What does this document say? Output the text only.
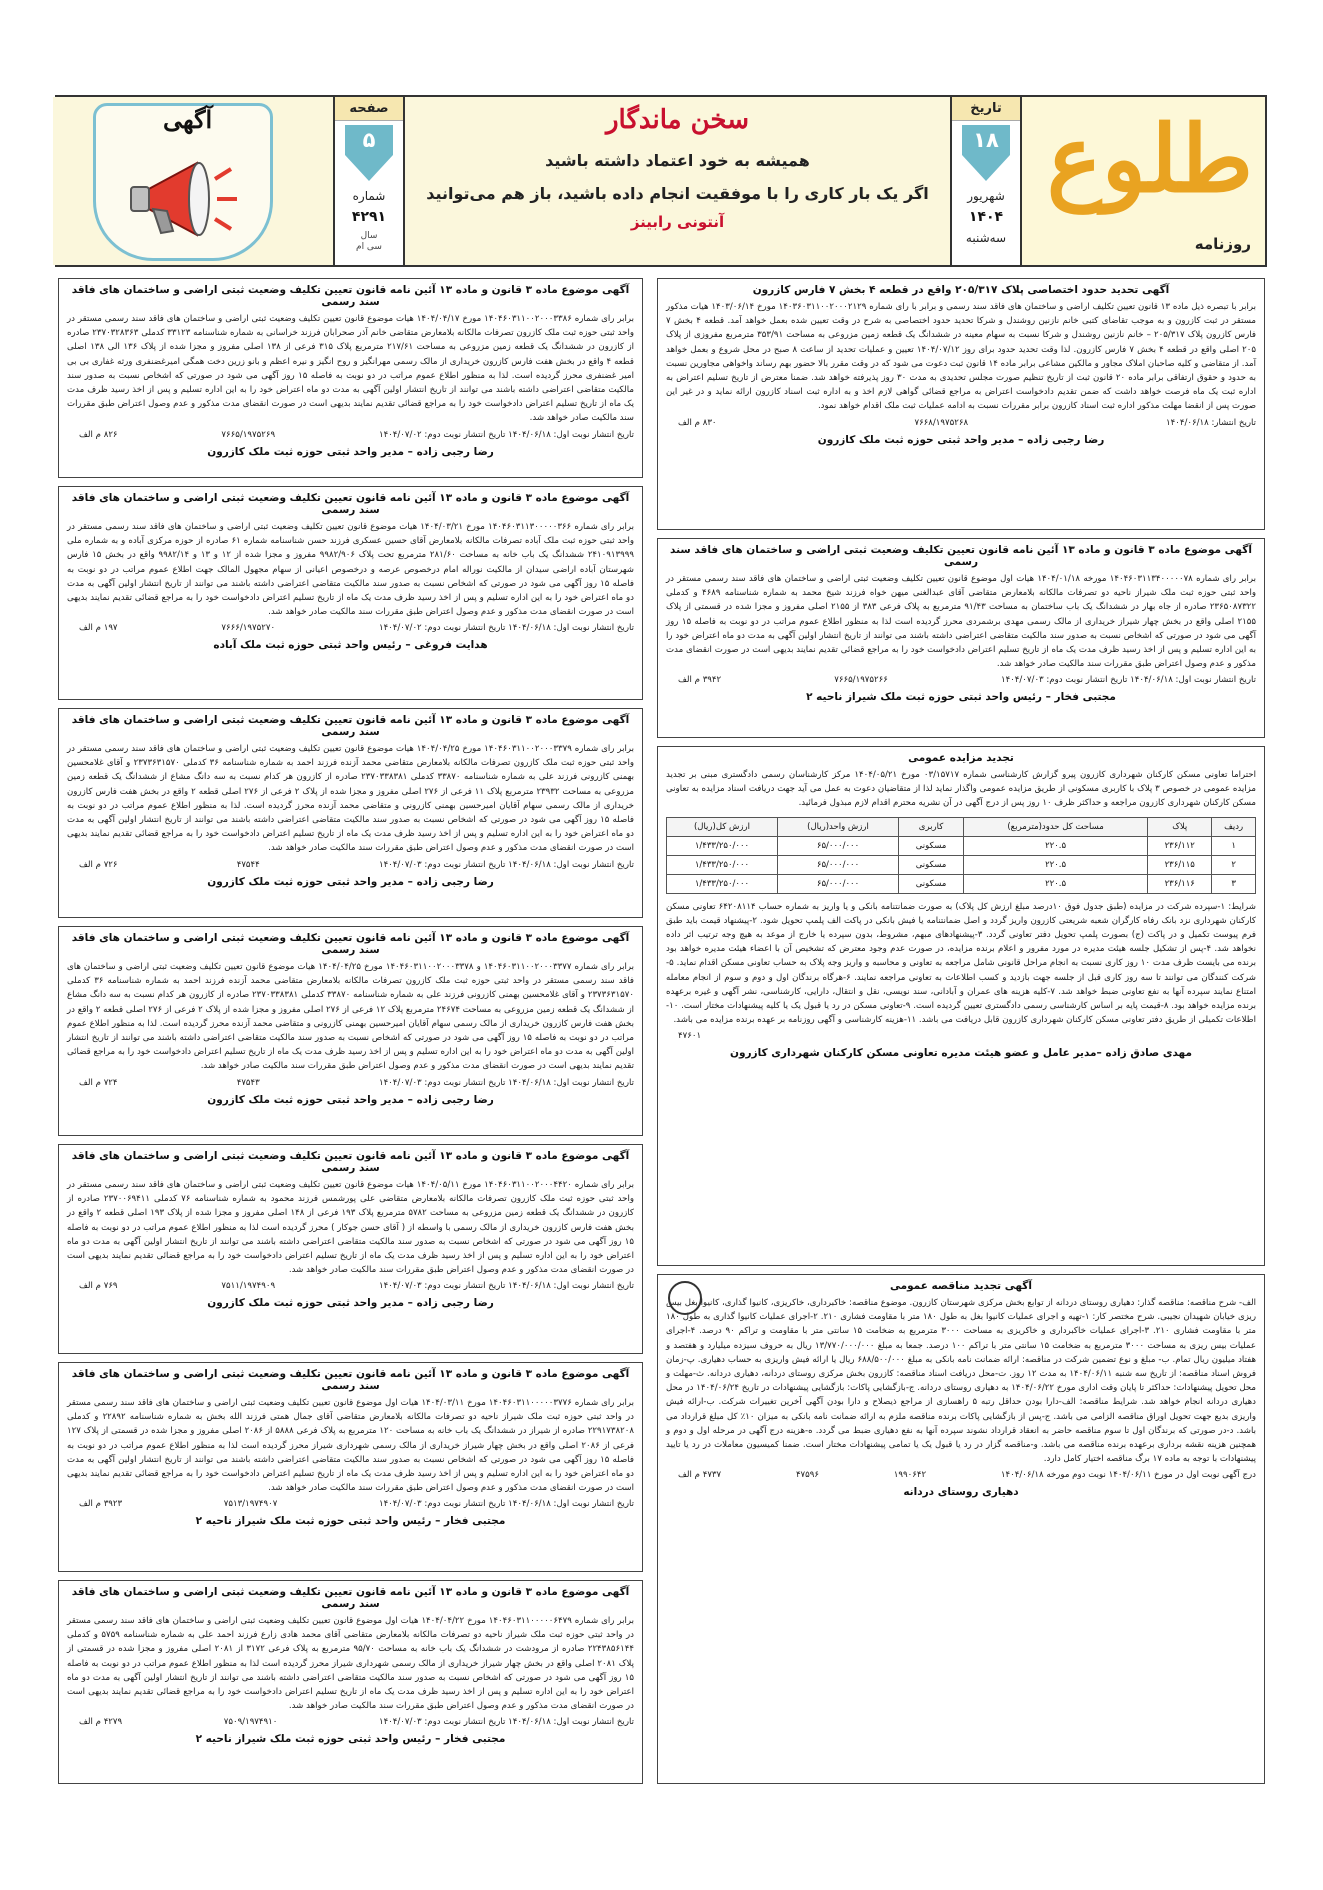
طلوع
روزنامه
تاریخ
۱۸
شهریور
۱۴۰۴
سه‌شنبه
سخن ماندگار
همیشه به خود اعتماد داشته باشید
اگر یک بار کاری را با موفقیت انجام داده باشید، باز هم می‌توانید
آنتونی رابینز
صفحه
۵
شماره
۴۲۹۱
سال
سی ام
آگهی
آگهی تحدید حدود اختصاصی پلاک ۲۰۵/۳۱۷ واقع در قطعه ۴ بخش ۷ فارس کازرون
برابر با تبصره ذیل ماده ۱۳ قانون تعیین تکلیف اراضی و ساختمان های فاقد سند رسمی و برابر با رای شماره ۱۴۰۳۶۰۳۱۱۰۰۲۰۰۰۲۱۲۹ مورخ ۱۴۰۳/۰۶/۱۴ هیات مذکور مستقر در ثبت کازرون و به موجب تقاضای کتبی خانم نازنین روشندل و شرکا تحدید حدود اختصاصی به شرح در وقت تعیین شده بعمل خواهد آمد. قطعه ۴ بخش ۷ فارس کازرون پلاک ۲۰۵/۳۱۷ – خانم نازنین روشندل و شرکا نسبت به سهام معینه در ششدانگ یک قطعه زمین مزروعی به مساحت ۳۵۳/۹۱ مترمربع مفروزی از پلاک ۲۰۵ اصلی واقع در قطعه ۴ بخش ۷ فارس کازرون. لذا وقت تحدید حدود برای روز ۱۴۰۴/۰۷/۱۲ تعیین و عملیات تحدید از ساعت ۸ صبح در محل شروع و بعمل خواهد آمد. از متقاضی و کلیه صاحبان املاک مجاور و مالکین مشاعی برابر ماده ۱۴ قانون ثبت دعوت می شود که در وقت مقرر بالا حضور بهم رساند واخواهی مجاورین نسبت به حدود و حقوق ارتفاقی برابر ماده ۲۰ قانون ثبت از تاریخ تنظیم صورت مجلس تحدیدی به مدت ۳۰ روز پذیرفته خواهد شد. ضمنا معترض از تاریخ تسلیم اعتراض به اداره ثبت یک ماه فرصت خواهد داشت که ضمن تقدیم دادخواست اعتراض به مراجع قضائی گواهی لازم اخذ و به اداره ثبت اسناد کازرون ارائه نماید و در غیر این صورت پس از انقضا مهلت مذکور اداره ثبت اسناد کازرون برابر مقررات نسبت به ادامه عملیات ثبت ملک اقدام خواهد نمود.
تاریخ انتشار: ۱۴۰۴/۰۶/۱۸
۷۶۶۸/۱۹۷۵۲۶۸
۸۳۰ م الف
رضا رجبی زاده – مدیر واحد ثبتی حوزه ثبت ملک کازرون
آگهی موضوع ماده ۳ قانون و ماده ۱۳ آئین نامه قانون تعیین تکلیف وضعیت ثبتی اراضی و ساختمان های فاقد سند رسمی
برابر رای شماره ۱۴۰۴۶۰۳۱۱۳۴۰۰۰۰۰۷۸ مورخه ۱۴۰۴/۰۱/۱۸ هیات اول موضوع قانون تعیین تکلیف وضعیت ثبتی اراضی و ساختمان های فاقد سند رسمی مستقر در واحد ثبتی حوزه ثبت ملک شیراز ناحیه دو تصرفات مالکانه بلامعارض متقاضی آقای عبدالغنی میهن خواه فرزند شیخ محمد به شماره شناسنامه ۴۶۸۹ و کدملی ۲۳۶۵۰۸۷۳۲۲ صادره از جاه بهار در ششدانگ یک باب ساختمان به مساحت ۹۱/۴۳ مترمربع به پلاک فرعی ۳۸۳ از ۲۱۵۵ اصلی مفروز و مجزا شده در قسمتی از پلاک ۲۱۵۵ اصلی واقع در بخش چهار شیراز خریداری از مالک رسمی مهدی برشمردی محرز گردیده است لذا به منظور اطلاع عموم مراتب در دو نوبت به فاصله ۱۵ روز آگهی می شود در صورتی که اشخاص نسبت به صدور سند مالکیت متقاضی اعتراضی داشته باشند می توانند از تاریخ انتشار اولین آگهی به مدت دو ماه اعتراض خود را به این اداره تسلیم و پس از اخذ رسید ظرف مدت یک ماه از تاریخ تسلیم اعتراض دادخواست خود را به مراجع قضائی تقدیم نمایند بدیهی است در صورت انقضای مدت مذکور و عدم وصول اعتراض طبق مقررات سند مالکیت صادر خواهد شد.
تاریخ انتشار نوبت اول: ۱۴۰۴/۰۶/۱۸ تاریخ انتشار نوبت دوم: ۱۴۰۴/۰۷/۰۳
۷۶۶۵/۱۹۷۵۲۶۶
۳۹۴۲ م الف
مجتبی فخار – رئیس واحد ثبتی حوزه ثبت ملک شیراز ناحیه ۲
تجدید مزایده عمومی
احتراما تعاونی مسکن کارکنان شهرداری کازرون پیرو گزارش کارشناسی شماره ۰۳/۱۵۷۱۷ مورخ ۱۴۰۴/۰۵/۲۱ مرکز کارشناسان رسمی دادگستری مبنی بر تجدید مزایده عمومی در خصوص ۳ پلاک با کاربری مسکونی از طریق مزایده عمومی واگذار نماید لذا از متقاضیان دعوت به عمل می آید جهت دریافت اسناد مزایده به تعاونی مسکن کارکنان شهرداری کازرون مراجعه و حداکثر ظرف ۱۰ روز پس از درج آگهی در آن نشریه محترم اقدام لازم مبذول فرمائید.
ردیف	پلاک	مساحت کل حدود(مترمربع)	کاربری	ارزش واحد(ریال)	ارزش کل(ریال)
۱	۲۳۶/۱۱۲	۲۲۰.۵	مسکونی	۶۵/۰۰۰/۰۰۰	۱/۴۳۳/۲۵۰/۰۰۰
۲	۲۳۶/۱۱۵	۲۲۰.۵	مسکونی	۶۵/۰۰۰/۰۰۰	۱/۴۳۳/۲۵۰/۰۰۰
۳	۲۳۶/۱۱۶	۲۲۰.۵	مسکونی	۶۵/۰۰۰/۰۰۰	۱/۴۳۳/۲۵۰/۰۰۰
شرایط: ۱-سپرده شرکت در مزایده (طبق جدول فوق ۱۰درصد مبلغ ارزش کل پلاک) به صورت ضمانتنامه بانکی و یا واریز به شماره حساب ۶۴۲۰۸۱۱۴ تعاونی مسکن کارکنان شهرداری نزد بانک رفاه کارگران شعبه شریعتی کازرون واریز گردد و اصل ضمانتنامه یا فیش بانکی در پاکت الف پلمپ تحویل شود. ۲-پیشنهاد قیمت باید طبق فرم پیوست تکمیل و در پاکت (ج) بصورت پلمپ تحویل دفتر تعاونی گردد. ۳-پیشنهادهای مبهم، مشروط، بدون سپرده یا خارج از موعد به هیچ وجه ترتیب اثر داده نخواهد شد. ۴-پس از تشکیل جلسه هیئت مدیره در مورد مفرور و اعلام برنده مزایده، در صورت عدم وجود معترض که تشخیص آن با اعضاء هیئت مدیره خواهد بود برنده می بایست ظرف مدت ۱۰ روز کاری نسبت به انجام مراحل قانونی شامل مراجعه به تعاونی و محاسبه و واریز وجه پلاک به حساب تعاونی مسکن اقدام نماید. ۵-شرکت کنندگان می توانند تا سه روز کاری قبل از جلسه جهت بازدید و کسب اطلاعات به تعاونی مراجعه نمایند. ۶-هرگاه برندگان اول و دوم و سوم از انجام معامله امتناع نمایند سپرده آنها به نفع تعاونی ضبط خواهد شد. ۷-کلیه هزینه های عمران و آبادانی، سند نویسی، نقل و انتقال، دارایی، کارشناسی، نشر آگهی و غیره برعهده برنده مزایده خواهد بود. ۸-قیمت پایه بر اساس کارشناسی رسمی دادگستری تعیین گردیده است. ۹-تعاونی مسکن در رد یا قبول یک یا کلیه پیشنهادات مختار است. ۱۰-اطلاعات تکمیلی از طریق دفتر تعاونی مسکن کارکنان شهرداری کازرون قابل دریافت می باشد. ۱۱-هزینه کارشناسی و آگهی روزنامه بر عهده برنده مزایده می باشد.
۴۷۶۰۱
مهدی صادق زاده –مدیر عامل و عضو هیئت مدیره تعاونی مسکن کارکنان شهرداری کازرون
آگهی تجدید مناقصه عمومی
الف- شرح مناقصه: مناقصه گذار: دهیاری روستای دردانه از توابع بخش مرکزی شهرستان کازرون. موضوع مناقصه: خاکبرداری، خاکریزی، کانیوا گذاری، کانیوا بغل بیس ریزی خیابان شهیدان نجیبی. شرح مختصر کار: ۱-تهیه و اجرای عملیات کانیوا بغل به طول ۱۸۰ متر با مقاومت فشاری ۲۱۰. ۲-اجرای عملیات کانیوا گذاری به طول ۱۸۰ متر با مقاومت فشاری ۲۱۰. ۳-اجرای عملیات خاکبرداری و خاکریزی به مساحت ۳۰۰۰ مترمربع به ضخامت ۱۵ سانتی متر با مقاومت و تراکم ۹۰ درصد. ۴-اجرای عملیات بیس ریزی به مساحت ۳۰۰۰ مترمربع به ضخامت ۱۵ سانتی متر با تراکم ۱۰۰ درصد. جمعا به مبلغ ۱۳/۷۷۰/۰۰۰/۰۰۰ ریال به حروف سیزده میلیارد و هفتصد و هفتاد میلیون ریال تمام. ب- مبلغ و نوع تضمین شرکت در مناقصه: ارائه ضمانت نامه بانکی به مبلغ ۶۸۸/۵۰۰/۰۰۰ ریال یا ارائه فیش واریزی به حساب دهیاری. پ-زمان فروش اسناد مناقصه: از تاریخ سه شنبه ۱۴۰۴/۰۶/۱۱ به مدت ۱۲ روز. ت-محل دریافت اسناد مناقصه: کازرون بخش مرکزی روستای دردانه، دهیاری دردانه. ث-مهلت و محل تحویل پیشنهادات: حداکثر تا پایان وقت اداری مورخ ۱۴۰۴/۰۶/۲۲ به دهیاری روستای دردانه. ج-بازگشایی پاکات: بازگشایی پیشنهادات در تاریخ ۱۴۰۴/۰۶/۲۴ در محل دهیاری دردانه انجام خواهد شد. شرایط مناقصه: الف-دارا بودن حداقل رتبه ۵ راهسازی از مراجع ذیصلاح و دارا بودن آگهی آخرین تغییرات شرکت. ب-ارائه فیش واریزی بدیع جهت تحویل اوراق مناقصه الزامی می باشد. ج-پس از بازگشایی پاکات برنده مناقصه ملزم به ارائه ضمانت نامه بانکی به میزان ۱۰٪ کل مبلغ قرارداد می باشد. د-در صورتی که برندگان اول تا سوم مناقصه حاضر به انعقاد قرارداد نشوند سپرده آنها به نفع دهیاری ضبط می گردد. ه-هزینه درج آگهی در مرحله اول و دوم و همچنین هزینه نقشه برداری برعهده برنده مناقصه می باشد. و-مناقصه گزار در رد یا قبول یک یا تمامی پیشنهادات مختار است. ضمنا کمیسیون معاملات در رد یا تایید پیشنهادات با توجه به ماده ۱۷ برگ مناقصه اختیار کامل دارد.
درج آگهی نوبت اول در مورخ ۱۴۰۴/۰۶/۱۱ نوبت دوم مورخه ۱۴۰۴/۰۶/۱۸
۱۹۹۰۶۴۲
۴۷۵۹۶
۴۷۳۷ م الف
دهیاری روستای دردانه
آگهی موضوع ماده ۳ قانون و ماده ۱۳ آئین نامه قانون تعیین تکلیف وضعیت ثبتی اراضی و ساختمان های فاقد سند رسمی
برابر رای شماره ۱۴۰۴۶۰۳۱۱۰۰۲۰۰۰۳۳۸۶ مورخ ۱۴۰۴/۰۴/۱۷ هیات موضوع قانون تعیین تکلیف وضعیت ثبتی اراضی و ساختمان های فاقد سند رسمی مستقر در واحد ثبتی حوزه ثبت ملک کازرون تصرفات مالکانه بلامعارض متقاضی خانم آذر صحرابان فرزند خراسانی به شماره شناسنامه ۳۳۱۲۳ کدملی ۲۳۷۰۳۲۸۳۶۳ صادره از کازرون در ششدانگ یک قطعه زمین مزروعی به مساحت ۲۱۷/۶۱ مترمربع پلاک ۳۱۵ فرعی از ۱۳۸ اصلی مفروز و مجزا شده از پلاک ۱۳۶ الی ۱۳۸ اصلی قطعه ۴ واقع در بخش هفت فارس کازرون خریداری از مالک رسمی مهرانگیز و روح انگیز و نیره اعظم و بانو زرین دخت همگی امیرغضنفری ورثه غفاری بی بی امیر غضنفری محرز گردیده است. لذا به منظور اطلاع عموم مراتب در دو نوبت به فاصله ۱۵ روز آگهی می شود در صورتی که اشخاص نسبت به صدور سند مالکیت متقاضی اعتراضی داشته باشند می توانند از تاریخ انتشار اولین آگهی به مدت دو ماه اعتراض خود را به این اداره تسلیم و پس از اخذ رسید ظرف مدت یک ماه از تاریخ تسلیم اعتراض دادخواست خود را به مراجع قضائی تقدیم نمایند بدیهی است در صورت انقضای مدت مذکور و عدم وصول اعتراض طبق مقررات سند مالکیت صادر خواهد شد.
تاریخ انتشار نوبت اول: ۱۴۰۴/۰۶/۱۸ تاریخ انتشار نوبت دوم: ۱۴۰۴/۰۷/۰۲
۷۶۶۵/۱۹۷۵۲۶۹
۸۲۶ م الف
رضا رجبی زاده – مدیر واحد ثبتی حوزه ثبت ملک کازرون
آگهی موضوع ماده ۳ قانون و ماده ۱۳ آئین نامه قانون تعیین تکلیف وضعیت ثبتی اراضی و ساختمان های فاقد سند رسمی
برابر رای شماره ۱۴۰۴۶۰۳۱۱۳۰۰۰۰۰۳۶۶ مورخ ۱۴۰۴/۰۳/۲۱ هیات موضوع قانون تعیین تکلیف وضعیت ثبتی اراضی و ساختمان های فاقد سند رسمی مستقر در واحد ثبتی حوزه ثبت ملک آباده تصرفات مالکانه بلامعارض آقای حسین عسکری فرزند حسن شناسنامه شماره ۶۱ صادره از حوزه مرکزی آباده و به شماره ملی ۲۴۱۰۹۱۳۹۹۹ ششدانگ یک باب خانه به مساحت ۲۸۱/۶۰ مترمربع تحت پلاک ۹۹۸۲/۹۰۶ مفروز و مجزا شده از ۱۲ و ۱۳ و ۹۹۸۲/۱۴ واقع در بخش ۱۵ فارس شهرستان آباده اراضی سیدان از مالکیت نوراله امام درخصوص عرصه و درخصوص اعیانی از سهام مجهول المالک جهت اطلاع عموم مراتب در دو نوبت به فاصله ۱۵ روز آگهی می شود در صورتی که اشخاص نسبت به صدور سند مالکیت متقاضی اعتراضی داشته باشند می توانند از تاریخ انتشار اولین آگهی به مدت دو ماه اعتراض خود را به این اداره تسلیم و پس از اخذ رسید ظرف مدت یک ماه از تاریخ تسلیم اعتراض دادخواست خود را به مراجع قضائی تقدیم نمایند بدیهی است در صورت انقضای مدت مذکور و عدم وصول اعتراض طبق مقررات سند مالکیت صادر خواهد شد.
تاریخ انتشار نوبت اول: ۱۴۰۴/۰۶/۱۸ تاریخ انتشار نوبت دوم: ۱۴۰۴/۰۷/۰۲
۷۶۶۶/۱۹۷۵۲۷۰
۱۹۷ م الف
هدایت فروغی – رئیس واحد ثبتی حوزه ثبت ملک آباده
آگهی موضوع ماده ۳ قانون و ماده ۱۳ آئین نامه قانون تعیین تکلیف وضعیت ثبتی اراضی و ساختمان های فاقد سند رسمی
برابر رای شماره ۱۴۰۴۶۰۳۱۱۰۰۲۰۰۰۳۳۷۹ مورخ ۱۴۰۴/۰۴/۲۵ هیات موضوع قانون تعیین تکلیف وضعیت ثبتی اراضی و ساختمان های فاقد سند رسمی مستقر در واحد ثبتی حوزه ثبت ملک کازرون تصرفات مالکانه بلامعارض متقاضی محمد آزنده فرزند احمد به شماره شناسنامه ۳۶ کدملی ۲۳۷۳۶۳۱۵۷۰ و آقای غلامحسین بهمنی کازرونی فرزند علی به شماره شناسنامه ۳۳۸۷۰ کدملی ۲۳۷۰۳۳۸۳۸۱ صادره از کازرون هر کدام نسبت به سه دانگ مشاع از ششدانگ یک قطعه زمین مزروعی به مساحت ۲۳۹۳۲ مترمربع پلاک ۱۱ فرعی از ۲۷۶ اصلی مفروز و مجزا شده از پلاک ۲ فرعی از ۲۷۶ اصلی قطعه ۲ واقع در بخش هفت فارس کازرون خریداری از مالک رسمی سهام آقایان امیرحسین بهمنی کازرونی و متقاضی محمد آزنده محرز گردیده است. لذا به منظور اطلاع عموم مراتب در دو نوبت به فاصله ۱۵ روز آگهی می شود در صورتی که اشخاص نسبت به صدور سند مالکیت متقاضی اعتراضی داشته باشند می توانند از تاریخ انتشار اولین آگهی به مدت دو ماه اعتراض خود را به این اداره تسلیم و پس از اخذ رسید ظرف مدت یک ماه از تاریخ تسلیم اعتراض دادخواست خود را به مراجع قضائی تقدیم نمایند بدیهی است در صورت انقضای مدت مذکور و عدم وصول اعتراض طبق مقررات سند مالکیت صادر خواهد شد.
تاریخ انتشار نوبت اول: ۱۴۰۴/۰۶/۱۸ تاریخ انتشار نوبت دوم: ۱۴۰۴/۰۷/۰۳
۴۷۵۴۴
۷۲۶ م الف
رضا رجبی زاده – مدیر واحد ثبتی حوزه ثبت ملک کازرون
آگهی موضوع ماده ۳ قانون و ماده ۱۳ آئین نامه قانون تعیین تکلیف وضعیت ثبتی اراضی و ساختمان های فاقد سند رسمی
برابر رای شماره ۱۴۰۴۶۰۳۱۱۰۰۲۰۰۰۳۳۷۷ و ۱۴۰۴۶۰۳۱۱۰۰۲۰۰۰۳۳۷۸ مورخ ۱۴۰۴/۰۴/۲۵ هیات موضوع قانون تعیین تکلیف وضعیت ثبتی اراضی و ساختمان های فاقد سند رسمی مستقر در واحد ثبتی حوزه ثبت ملک کازرون تصرفات مالکانه بلامعارض متقاضی محمد آزنده فرزند احمد به شماره شناسنامه ۳۶ کدملی ۲۳۷۳۶۳۱۵۷۰ و آقای غلامحسین بهمنی کازرونی فرزند علی به شماره شناسنامه ۳۳۸۷۰ کدملی ۲۳۷۰۳۳۸۳۸۱ صادره از کازرون هر کدام نسبت به سه دانگ مشاع از ششدانگ یک قطعه زمین مزروعی به مساحت ۲۴۶۷۴ مترمربع پلاک ۱۲ فرعی از ۲۷۶ اصلی مفروز و مجزا شده از پلاک ۲ فرعی از ۲۷۶ اصلی قطعه ۲ واقع در بخش هفت فارس کازرون خریداری از مالک رسمی سهام آقایان امیرحسین بهمنی کازرونی و متقاضی محمد آزنده محرز گردیده است. لذا به منظور اطلاع عموم مراتب در دو نوبت به فاصله ۱۵ روز آگهی می شود در صورتی که اشخاص نسبت به صدور سند مالکیت متقاضی اعتراضی داشته باشند می توانند از تاریخ انتشار اولین آگهی به مدت دو ماه اعتراض خود را به این اداره تسلیم و پس از اخذ رسید ظرف مدت یک ماه از تاریخ تسلیم اعتراض دادخواست خود را به مراجع قضائی تقدیم نمایند بدیهی است در صورت انقضای مدت مذکور و عدم وصول اعتراض طبق مقررات سند مالکیت صادر خواهد شد.
تاریخ انتشار نوبت اول: ۱۴۰۴/۰۶/۱۸ تاریخ انتشار نوبت دوم: ۱۴۰۴/۰۷/۰۳
۴۷۵۴۳
۷۲۴ م الف
رضا رجبی زاده – مدیر واحد ثبتی حوزه ثبت ملک کازرون
آگهی موضوع ماده ۳ قانون و ماده ۱۳ آئین نامه قانون تعیین تکلیف وضعیت ثبتی اراضی و ساختمان های فاقد سند رسمی
برابر رای شماره ۱۴۰۴۶۰۳۱۱۰۰۲۰۰۰۴۴۲۰ مورخ ۱۴۰۴/۰۵/۱۱ هیات موضوع قانون تعیین تکلیف وضعیت ثبتی اراضی و ساختمان های فاقد سند رسمی مستقر در واحد ثبتی حوزه ثبت ملک کازرون تصرفات مالکانه بلامعارض متقاضی علی پورشمس فرزند محمود به شماره شناسنامه ۷۶ کدملی ۲۳۷۰۰۶۹۴۱۱ صادره از کازرون در ششدانگ یک قطعه زمین مزروعی به مساحت ۵۷۸۲ مترمربع پلاک ۱۹۳ فرعی از ۱۴۸ اصلی مفروز و مجزا شده از پلاک ۱۹۳ اصلی قطعه ۲ واقع در بخش هفت فارس کازرون خریداری از مالک رسمی با واسطه از ( آقای حسن جوکار ) محرز گردیده است لذا به منظور اطلاع عموم مراتب در دو نوبت به فاصله ۱۵ روز آگهی می شود در صورتی که اشخاص نسبت به صدور سند مالکیت متقاضی اعتراضی داشته باشند می توانند از تاریخ انتشار اولین آگهی به مدت دو ماه اعتراض خود را به این اداره تسلیم و پس از اخذ رسید ظرف مدت یک ماه از تاریخ تسلیم اعتراض دادخواست خود را به مراجع قضائی تقدیم نمایند بدیهی است در صورت انقضای مدت مذکور و عدم وصول اعتراض طبق مقررات سند مالکیت صادر خواهد شد.
تاریخ انتشار نوبت اول: ۱۴۰۴/۰۶/۱۸ تاریخ انتشار نوبت دوم: ۱۴۰۴/۰۷/۰۳
۷۵۱۱/۱۹۷۴۹۰۹
۷۶۹ م الف
رضا رجبی زاده – مدیر واحد ثبتی حوزه ثبت ملک کازرون
آگهی موضوع ماده ۳ قانون و ماده ۱۳ آئین نامه قانون تعیین تکلیف وضعیت ثبتی اراضی و ساختمان های فاقد سند رسمی
برابر رای شماره ۱۴۰۴۶۰۳۱۱۰۰۰۰۰۳۷۷۶ مورخ ۱۴۰۴/۰۳/۱۱ هیات اول موضوع قانون تعیین تکلیف وضعیت ثبتی اراضی و ساختمان های فاقد سند رسمی مستقر در واحد ثبتی حوزه ثبت ملک شیراز ناحیه دو تصرفات مالکانه بلامعارض متقاضی آقای جمال همتی فرزند الله بخش به شماره شناسنامه ۲۲۸۹۲ و کدملی ۲۲۹۱۷۳۸۲۰۸ صادره از شیراز در ششدانگ یک باب خانه به مساحت ۱۲۰ مترمربع به پلاک فرعی ۵۸۸۸ از ۲۰۸۶ اصلی مفروز و مجزا شده در قسمتی از پلاک ۱۲۷ فرعی از ۲۰۸۶ اصلی واقع در بخش چهار شیراز خریداری از مالک رسمی شهرداری شیراز محرز گردیده است لذا به منظور اطلاع عموم مراتب در دو نوبت به فاصله ۱۵ روز آگهی می شود در صورتی که اشخاص نسبت به صدور سند مالکیت متقاضی اعتراضی داشته باشند می توانند از تاریخ انتشار اولین آگهی به مدت دو ماه اعتراض خود را به این اداره تسلیم و پس از اخذ رسید ظرف مدت یک ماه از تاریخ تسلیم اعتراض دادخواست خود را به مراجع قضائی تقدیم نمایند بدیهی است در صورت انقضای مدت مذکور و عدم وصول اعتراض طبق مقررات سند مالکیت صادر خواهد شد.
تاریخ انتشار نوبت اول: ۱۴۰۴/۰۶/۱۸ تاریخ انتشار نوبت دوم: ۱۴۰۴/۰۷/۰۳
۷۵۱۳/۱۹۷۴۹۰۷
۳۹۲۳ م الف
مجتبی فخار – رئیس واحد ثبتی حوزه ثبت ملک شیراز ناحیه ۲
آگهی موضوع ماده ۳ قانون و ماده ۱۳ آئین نامه قانون تعیین تکلیف وضعیت ثبتی اراضی و ساختمان های فاقد سند رسمی
برابر رای شماره ۱۴۰۴۶۰۳۱۱۰۰۰۰۰۶۴۷۹ مورخ ۱۴۰۴/۰۴/۲۲ هیات اول موضوع قانون تعیین تکلیف وضعیت ثبتی اراضی و ساختمان های فاقد سند رسمی مستقر در واحد ثبتی حوزه ثبت ملک شیراز ناحیه دو تصرفات مالکانه بلامعارض متقاضی آقای محمد هادی زارع فرزند احمد علی به شماره شناسنامه ۵۷۵۹ و کدملی ۲۲۴۳۸۵۶۱۴۴ صادره از مرودشت در ششدانگ یک باب خانه به مساحت ۹۵/۷۰ مترمربع به پلاک فرعی ۳۱۷۲ از ۲۰۸۱ اصلی مفروز و مجزا شده در قسمتی از پلاک ۲۰۸۱ اصلی واقع در بخش چهار شیراز خریداری از مالک رسمی شهرداری شیراز محرز گردیده است لذا به منظور اطلاع عموم مراتب در دو نوبت به فاصله ۱۵ روز آگهی می شود در صورتی که اشخاص نسبت به صدور سند مالکیت متقاضی اعتراضی داشته باشند می توانند از تاریخ انتشار اولین آگهی به مدت دو ماه اعتراض خود را به این اداره تسلیم و پس از اخذ رسید ظرف مدت یک ماه از تاریخ تسلیم اعتراض دادخواست خود را به مراجع قضائی تقدیم نمایند بدیهی است در صورت انقضای مدت مذکور و عدم وصول اعتراض طبق مقررات سند مالکیت صادر خواهد شد.
تاریخ انتشار نوبت اول: ۱۴۰۴/۰۶/۱۸ تاریخ انتشار نوبت دوم: ۱۴۰۴/۰۷/۰۳
۷۵۰۹/۱۹۷۴۹۱۰
۴۲۷۹ م الف
مجتبی فخار – رئیس واحد ثبتی حوزه ثبت ملک شیراز ناحیه ۲
